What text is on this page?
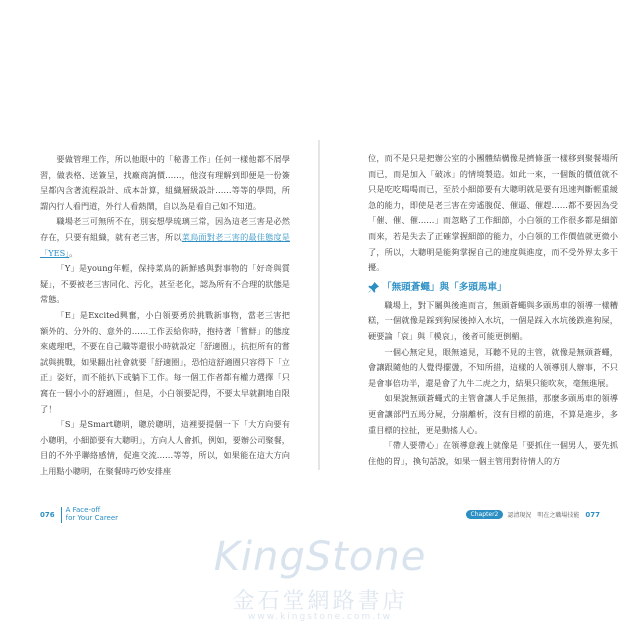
要做管理工作，所以他眼中的「秘書工作」任何一樣他都不屑學習，做表格、送簽呈，找廠商詢價……，他沒有理解到即便是一份簽呈都內含著流程設計、成本計算，組織層級設計……等等的學問，所謂內行人看門道，外行人看熱鬧，自以為是看自己如不知道。

職場老三可無所不在，別妄想學琉璃三常，因為這老三害是必然存在，只要有組織，就有老三害，所以菜鳥面對老三害的最佳態度是「YES」。

「Y」是young年輕，保持菜鳥的新鮮感與對事物的「好奇與質疑」，不要被老三害同化、污化，甚至老化，認為所有不合理的狀態是常態。

「E」是Excited興奮，小白領要勇於挑戰新事物，當老三害把額外的、分外的、意外的……工作丟給你時，抱持著「嘗鮮」的態度來處理吧，不要在自己職等還很小時就設定「舒適圈」，抗拒所有的嘗試與挑戰，如果翻出社會就要「舒適圈」，恐怕這舒適圈只容得下「立正」姿好，而不能扒下或躺下工作。每一個工作者都有權力選擇「只窩在一個小小的舒適圈」，但是，小白領要記得，不要太早就劃地自限了！

「S」是Smart聰明，聰於聰明，這裡要提個一下「大方向要有小聰明，小細節要有大聰明」，方向人人會抓，例如，要辦公司聚餐，目的不外乎聯絡感情，促進交流……等等，所以，如果能在這大方向上用點小聰明，在聚餐時巧妙安排座

位，而不是只是把辦公室的小團體結構像是擠條蛋一樣移到聚餐場所而已，而是加入「破冰」的情境製造。如此一來，一個飯的價值就不只是吃吃喝喝而已，至於小細節要有大聰明就是要有迅速判斷輕重緩急的能力，即使是老三害在旁遙腹促、催逼、催趕……都不要因為受「催、催、催……」而忽略了工作細節，小白領的工作很多都是細節而來，若是失去了正確掌握細節的能力，小白領的工作價值就更微小了，所以，大聰明是能夠掌握自己的速度與進度，而不受外界太多干擾。

「無頭蒼蠅」與「多頭馬車」

職場上，對下屬與後進而言，無頭蒼蠅與多頭馬車的領導一樣糟糕，一個就像是踩到狗屎後掉入水坑，一個是踩入水坑後跌進狗屎，硬要論「哀」與「模哀」，後者可能更倒楣。

一個心無定見，眼無遠見，耳聽不見的主管，就像是無頭蒼蠅，會讓跟隨他的人覺得擺盪，不知所措，這樣的人領導別人辦事，不只是會事倍功半，還是會了九牛二虎之力，結果只能吹灰，毫無進展。

如果說無頭蒼蠅式的主管會讓人手足無措，那麼多頭馬車的領導更會讓部門五馬分屍，分崩離析，沒有目標的前進，不算是進步，多重目標的拉扯，更是動搖人心。

「帶人要帶心」在領導意義上就像是「要抓住一個男人，要先抓住他的胃」，換句話說，如果一個主管用對待情人的方

076
A Face-off
for Your Career	Chapter2	認清現況　明在之職場技能 077
KingStone
金石堂網路書店
www.kingstone.com.tw
